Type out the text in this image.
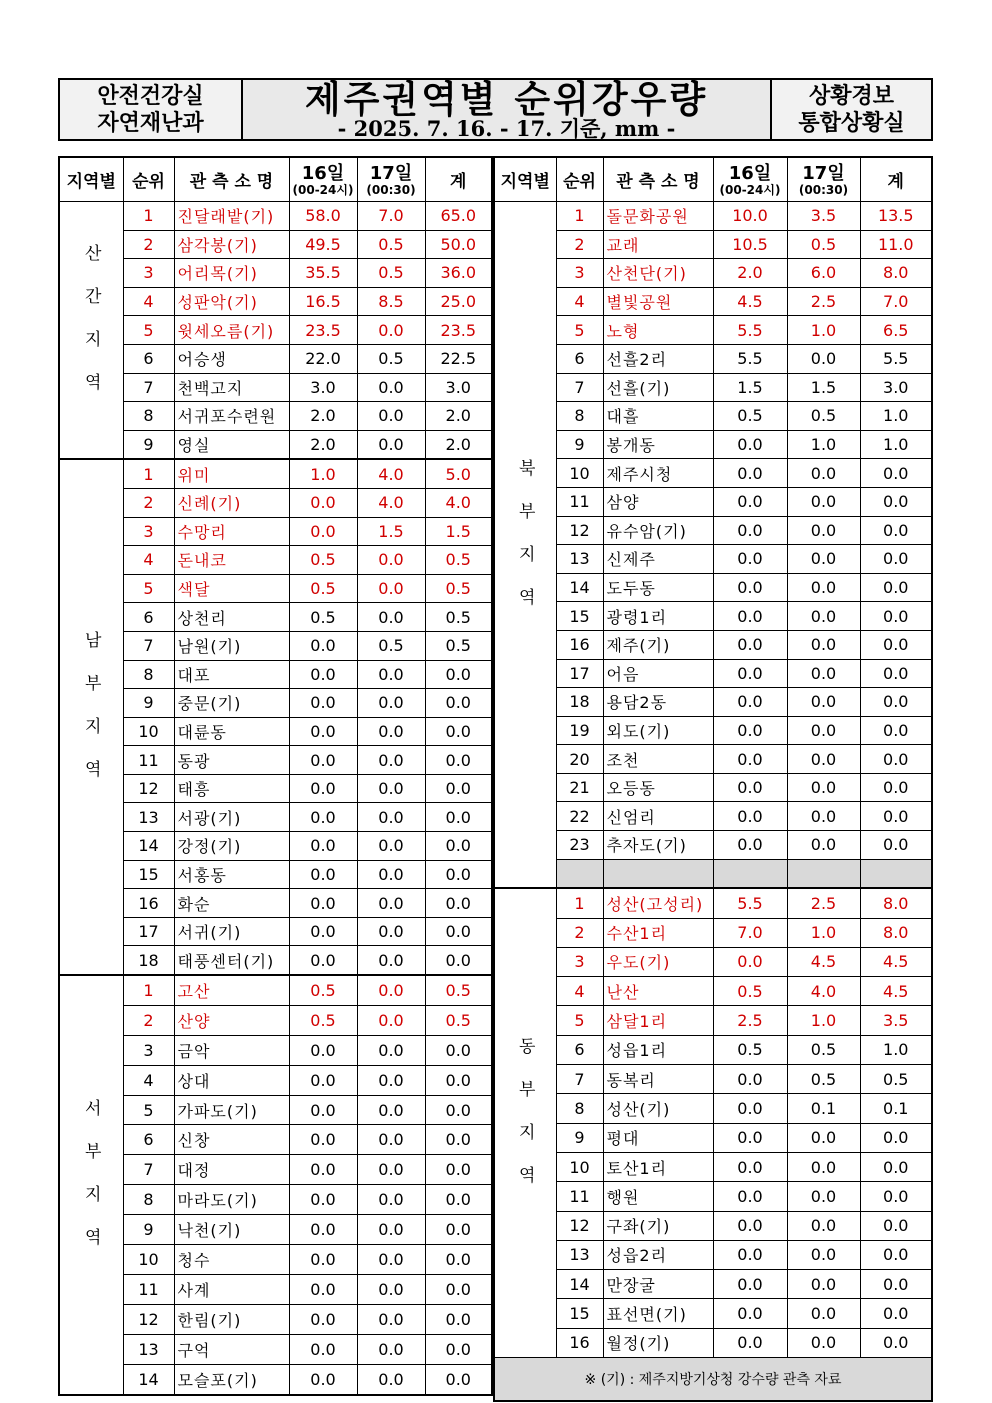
안전건강실
자연재난과
제주권역별 순위강우량
- 2025. 7. 16. - 17. 기준, mm -
상황경보
통합상황실
지역별	순위	관 측 소 명	16일
(00-24시)	17일
(00:30)	계
산간지역	1	진달래밭(기)	58.0	7.0	65.0
	2	삼각봉(기)	49.5	0.5	50.0
	3	어리목(기)	35.5	0.5	36.0
	4	성판악(기)	16.5	8.5	25.0
	5	윗세오름(기)	23.5	0.0	23.5
	6	어승생	22.0	0.5	22.5
	7	천백고지	3.0	0.0	3.0
	8	서귀포수련원	2.0	0.0	2.0
	9	영실	2.0	0.0	2.0
남부지역	1	위미	1.0	4.0	5.0
	2	신례(기)	0.0	4.0	4.0
	3	수망리	0.0	1.5	1.5
	4	돈내코	0.5	0.0	0.5
	5	색달	0.5	0.0	0.5
	6	상천리	0.5	0.0	0.5
	7	남원(기)	0.0	0.5	0.5
	8	대포	0.0	0.0	0.0
	9	중문(기)	0.0	0.0	0.0
	10	대륜동	0.0	0.0	0.0
	11	동광	0.0	0.0	0.0
	12	태흥	0.0	0.0	0.0
	13	서광(기)	0.0	0.0	0.0
	14	강정(기)	0.0	0.0	0.0
	15	서홍동	0.0	0.0	0.0
	16	화순	0.0	0.0	0.0
	17	서귀(기)	0.0	0.0	0.0
	18	태풍센터(기)	0.0	0.0	0.0
서부지역	1	고산	0.5	0.0	0.5
	2	산양	0.5	0.0	0.5
	3	금악	0.0	0.0	0.0
	4	상대	0.0	0.0	0.0
	5	가파도(기)	0.0	0.0	0.0
	6	신창	0.0	0.0	0.0
	7	대정	0.0	0.0	0.0
	8	마라도(기)	0.0	0.0	0.0
	9	낙천(기)	0.0	0.0	0.0
	10	청수	0.0	0.0	0.0
	11	사계	0.0	0.0	0.0
	12	한림(기)	0.0	0.0	0.0
	13	구억	0.0	0.0	0.0
	14	모슬포(기)	0.0	0.0	0.0
지역별	순위	관 측 소 명	16일
(00-24시)	17일
(00:30)	계
북부지역	1	돌문화공원	10.0	3.5	13.5
	2	교래	10.5	0.5	11.0
	3	산천단(기)	2.0	6.0	8.0
	4	별빛공원	4.5	2.5	7.0
	5	노형	5.5	1.0	6.5
	6	선흘2리	5.5	0.0	5.5
	7	선흘(기)	1.5	1.5	3.0
	8	대흘	0.5	0.5	1.0
	9	봉개동	0.0	1.0	1.0
	10	제주시청	0.0	0.0	0.0
	11	삼양	0.0	0.0	0.0
	12	유수암(기)	0.0	0.0	0.0
	13	신제주	0.0	0.0	0.0
	14	도두동	0.0	0.0	0.0
	15	광령1리	0.0	0.0	0.0
	16	제주(기)	0.0	0.0	0.0
	17	어음	0.0	0.0	0.0
	18	용담2동	0.0	0.0	0.0
	19	외도(기)	0.0	0.0	0.0
	20	조천	0.0	0.0	0.0
	21	오등동	0.0	0.0	0.0
	22	신엄리	0.0	0.0	0.0
	23	추자도(기)	0.0	0.0	0.0

동부지역	1	성산(고성리)	5.5	2.5	8.0
	2	수산1리	7.0	1.0	8.0
	3	우도(기)	0.0	4.5	4.5
	4	난산	0.5	4.0	4.5
	5	삼달1리	2.5	1.0	3.5
	6	성읍1리	0.5	0.5	1.0
	7	동복리	0.0	0.5	0.5
	8	성산(기)	0.0	0.1	0.1
	9	평대	0.0	0.0	0.0
	10	토산1리	0.0	0.0	0.0
	11	행원	0.0	0.0	0.0
	12	구좌(기)	0.0	0.0	0.0
	13	성읍2리	0.0	0.0	0.0
	14	만장굴	0.0	0.0	0.0
	15	표선면(기)	0.0	0.0	0.0
	16	월정(기)	0.0	0.0	0.0
※ (기) : 제주지방기상청 강수량 관측 자료					
